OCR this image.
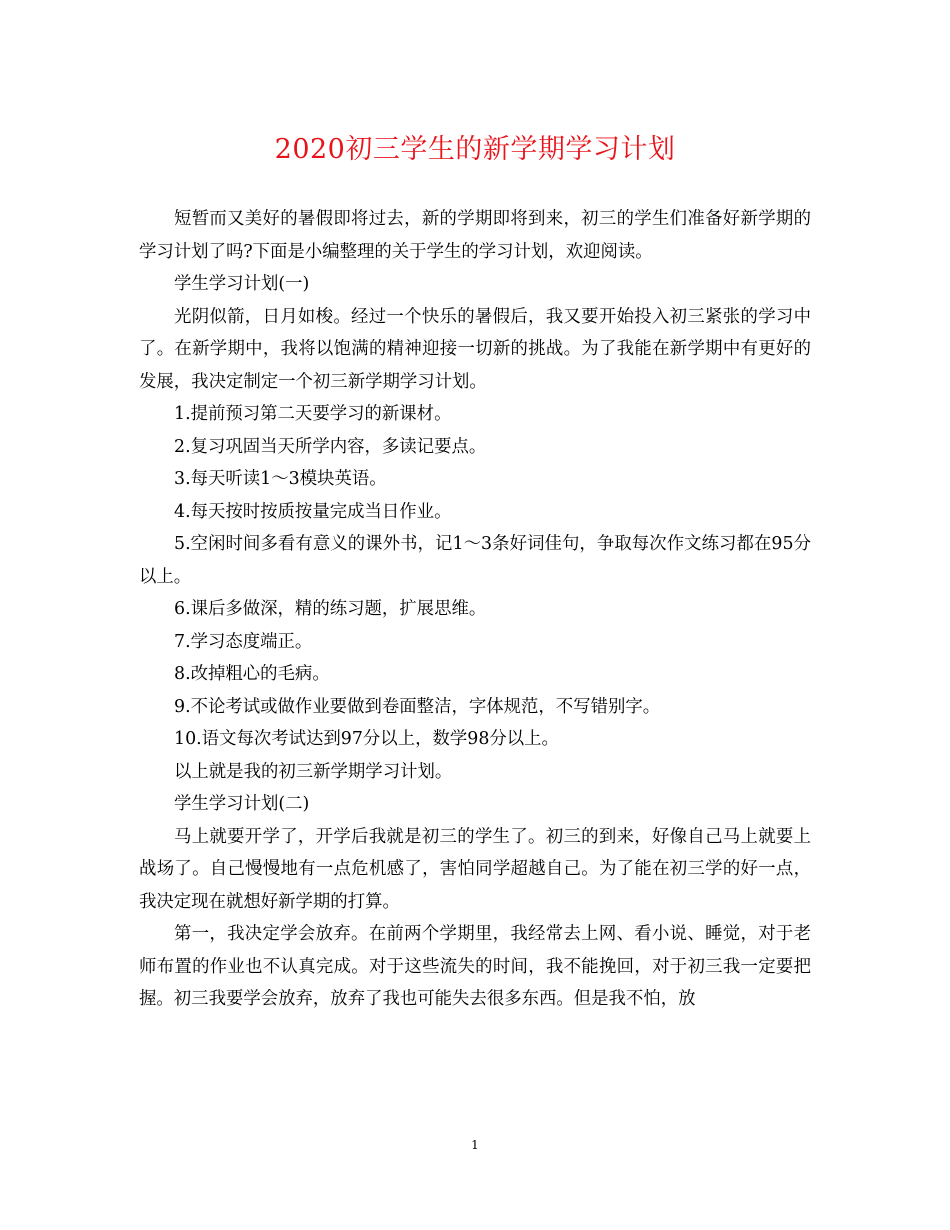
2020初三学生的新学期学习计划

短暂而又美好的暑假即将过去，新的学期即将到来，初三的学生们准备好新学期的学习计划了吗?下面是小编整理的关于学生的学习计划，欢迎阅读。

学生学习计划(一)

光阴似箭，日月如梭。经过一个快乐的暑假后，我又要开始投入初三紧张的学习中了。在新学期中，我将以饱满的精神迎接一切新的挑战。为了我能在新学期中有更好的发展，我决定制定一个初三新学期学习计划。

1.提前预习第二天要学习的新课材。

2.复习巩固当天所学内容，多读记要点。

3.每天听读1～3模块英语。

4.每天按时按质按量完成当日作业。

5.空闲时间多看有意义的课外书，记1～3条好词佳句，争取每次作文练习都在95分以上。

6.课后多做深，精的练习题，扩展思维。

7.学习态度端正。

8.改掉粗心的毛病。

9.不论考试或做作业要做到卷面整洁，字体规范，不写错别字。

10.语文每次考试达到97分以上，数学98分以上。

以上就是我的初三新学期学习计划。

学生学习计划(二)

马上就要开学了，开学后我就是初三的学生了。初三的到来，好像自己马上就要上战场了。自己慢慢地有一点危机感了，害怕同学超越自己。为了能在初三学的好一点，我决定现在就想好新学期的打算。

第一，我决定学会放弃。在前两个学期里，我经常去上网、看小说、睡觉，对于老师布置的作业也不认真完成。对于这些流失的时间，我不能挽回，对于初三我一定要把握。初三我要学会放弃，放弃了我也可能失去很多东西。但是我不怕，放

1
